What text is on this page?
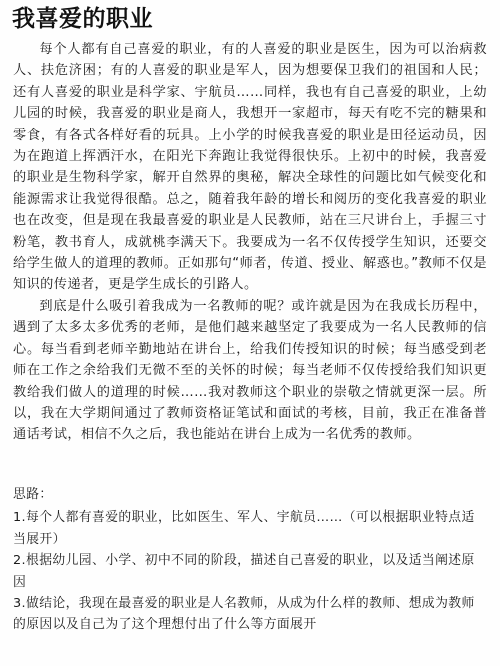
我喜爱的职业

每个人都有自己喜爱的职业，有的人喜爱的职业是医生，因为可以治病救人、扶危济困；有的人喜爱的职业是军人，因为想要保卫我们的祖国和人民；还有人喜爱的职业是科学家、宇航员……同样，我也有自己喜爱的职业，上幼儿园的时候，我喜爱的职业是商人，我想开一家超市，每天有吃不完的糖果和零食，有各式各样好看的玩具。上小学的时候我喜爱的职业是田径运动员，因为在跑道上挥洒汗水，在阳光下奔跑让我觉得很快乐。上初中的时候，我喜爱的职业是生物科学家，解开自然界的奥秘，解决全球性的问题比如气候变化和能源需求让我觉得很酷。总之，随着我年龄的增长和阅历的变化我喜爱的职业也在改变，但是现在我最喜爱的职业是人民教师，站在三尺讲台上，手握三寸粉笔，教书育人，成就桃李满天下。我要成为一名不仅传授学生知识，还要交给学生做人的道理的教师。正如那句“师者，传道、授业、解惑也。”教师不仅是知识的传递者，更是学生成长的引路人。

到底是什么吸引着我成为一名教师的呢？或许就是因为在我成长历程中，遇到了太多太多优秀的老师，是他们越来越坚定了我要成为一名人民教师的信心。每当看到老师辛勤地站在讲台上，给我们传授知识的时候；每当感受到老师在工作之余给我们无微不至的关怀的时候；每当老师不仅传授给我们知识更教给我们做人的道理的时候……我对教师这个职业的崇敬之情就更深一层。所以，我在大学期间通过了教师资格证笔试和面试的考核，目前，我正在准备普通话考试，相信不久之后，我也能站在讲台上成为一名优秀的教师。

思路：

1.每个人都有喜爱的职业，比如医生、军人、宇航员……（可以根据职业特点适当展开）

2.根据幼儿园、小学、初中不同的阶段，描述自己喜爱的职业，以及适当阐述原因

3.做结论，我现在最喜爱的职业是人名教师，从成为什么样的教师、想成为教师的原因以及自己为了这个理想付出了什么等方面展开
